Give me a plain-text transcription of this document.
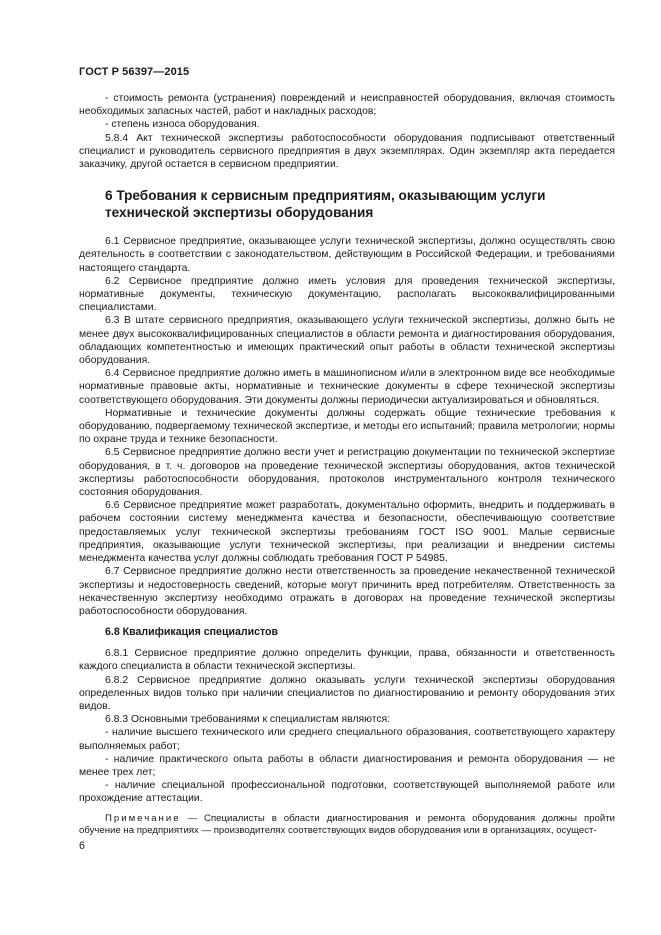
ГОСТ Р 56397—2015

- стоимость ремонта (устранения) повреждений и неисправностей оборудования, включая стоимость необходимых запасных частей, работ и накладных расходов;

- степень износа оборудования.

5.8.4 Акт технической экспертизы работоспособности оборудования подписывают ответственный специалист и руководитель сервисного предприятия в двух экземплярах. Один экземпляр акта передается заказчику, другой остается в сервисном предприятии.

6 Требования к сервисным предприятиям, оказывающим услуги технической экспертизы оборудования

6.1 Сервисное предприятие, оказывающее услуги технической экспертизы, должно осуществлять свою деятельность в соответствии с законодательством, действующим в Российской Федерации, и требованиями настоящего стандарта.

6.2 Сервисное предприятие должно иметь условия для проведения технической экспертизы, нормативные документы, техническую документацию, располагать высококвалифицированными специалистами.

6.3 В штате сервисного предприятия, оказывающего услуги технической экспертизы, должно быть не менее двух высококвалифицированных специалистов в области ремонта и диагностирования оборудования, обладающих компетентностью и имеющих практический опыт работы в области технической экспертизы оборудования.

6.4 Сервисное предприятие должно иметь в машинописном и/или в электронном виде все необходимые нормативные правовые акты, нормативные и технические документы в сфере технической экспертизы соответствующего оборудования. Эти документы должны периодически актуализироваться и обновляться.

Нормативные и технические документы должны содержать общие технические требования к оборудованию, подвергаемому технической экспертизе, и методы его испытаний; правила метрологии; нормы по охране труда и технике безопасности.

6.5 Сервисное предприятие должно вести учет и регистрацию документации по технической экспертизе оборудования, в т. ч. договоров на проведение технической экспертизы оборудования, актов технической экспертизы работоспособности оборудования, протоколов инструментального контроля технического состояния оборудования.

6.6 Сервисное предприятие может разработать, документально оформить, внедрить и поддерживать в рабочем состоянии систему менеджмента качества и безопасности, обеспечивающую соответствие предоставляемых услуг технической экспертизы требованиям ГОСТ ISO 9001. Малые сервисные предприятия, оказывающие услуги технической экспертизы, при реализации и внедрении системы менеджмента качества услуг должны соблюдать требования ГОСТ Р 54985.

6.7 Сервисное предприятие должно нести ответственность за проведение некачественной технической экспертизы и недостоверность сведений, которые могут причинить вред потребителям. Ответственность за некачественную экспертизу необходимо отражать в договорах на проведение технической экспертизы работоспособности оборудования.

6.8 Квалификация специалистов

6.8.1 Сервисное предприятие должно определить функции, права, обязанности и ответственность каждого специалиста в области технической экспертизы.

6.8.2 Сервисное предприятие должно оказывать услуги технической экспертизы оборудования определенных видов только при наличии специалистов по диагностированию и ремонту оборудования этих видов.

6.8.3 Основными требованиями к специалистам являются:

- наличие высшего технического или среднего специального образования, соответствующего характеру выполняемых работ;

- наличие практического опыта работы в области диагностирования и ремонта оборудования — не менее трех лет;

- наличие специальной профессиональной подготовки, соответствующей выполняемой работе или прохождение аттестации.

Примечание — Специалисты в области диагностирования и ремонта оборудования должны пройти обучение на предприятиях — производителях соответствующих видов оборудования или в организациях, осущест-

6
